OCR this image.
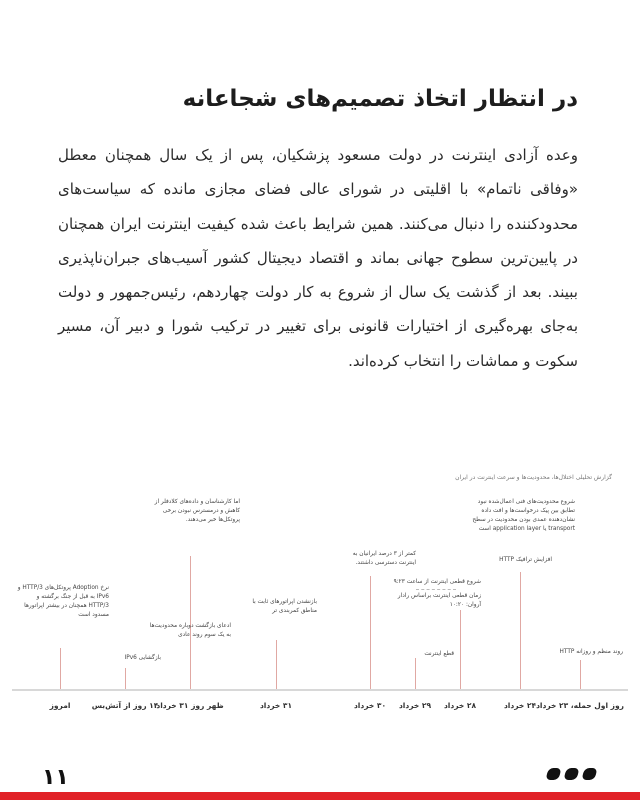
در انتظار اتخاذ تصمیم‌های شجاعانه

وعده آزادی اینترنت در دولت مسعود پزشکیان، پس از یک سال همچنان معطل «وفاقی ناتمام» با اقلیتی در شورای عالی فضای مجازی مانده که سیاست‌های محدودکننده را دنبال می‌کنند. همین شرایط باعث شده کیفیت اینترنت ایران همچنان در پایین‌ترین سطوح جهانی بماند و اقتصاد دیجیتال کشور آسیب‌های جبران‌ناپذیری ببیند. بعد از گذشت یک سال از شروع به کار دولت چهاردهم، رئیس‌جمهور و دولت به‌جای بهره‌گیری از اختیارات قانونی برای تغییر در ترکیب شورا و دبیر آن، مسیر سکوت و مماشات را انتخاب کرده‌اند.

گزارش تحلیلی اختلال‌ها، محدودیت‌ها و سرعت اینترنت در ایران
امروز	۱۴ روز از آتش‌بس
ظهر روز ۳۱ خرداد	۳۱ خرداد	۳۰ خرداد ۲۹ خرداد ۲۸ خرداد	۲۴ خرداد روز اول حمله، ۲۳ خرداد
نرخ Adoption پروتکل‌های HTTP/3 و IPv6 به قبل از جنگ برگشته و HTTP/3 همچنان در بیشتر اپراتورها مسدود است
بازگشایی IPv6
ادعای بازگشت دوباره محدودیت‌ها به یک سوم روند عادی
اما کارشناسان و داده‌های کلادفلر از کاهش و درمسترس نبودن برخی پروتکل‌ها خبر می‌دهند.
بازنشدن اپراتورهای ثابت با مناطق کمربندی تر
کمتر از ۳ درصد ایرانیان به اینترنت دسترسی داشتند.
قطع اینترنت
شروع قطعی اینترنت از ساعت ۹:۲۳
زمان قطعی اینترنت براساس رادار آروان: ۱۰:۲۰
افزایش ترافیک HTTP
شروع محدودیت‌های فنی اعمال‌شده نبود تطابق بین پیک درخواست‌ها و افت داده نشان‌دهنده عمدی بودن محدودیت در سطح transport یا application layer است
روند منظم و روزانه HTTP
۱۱
